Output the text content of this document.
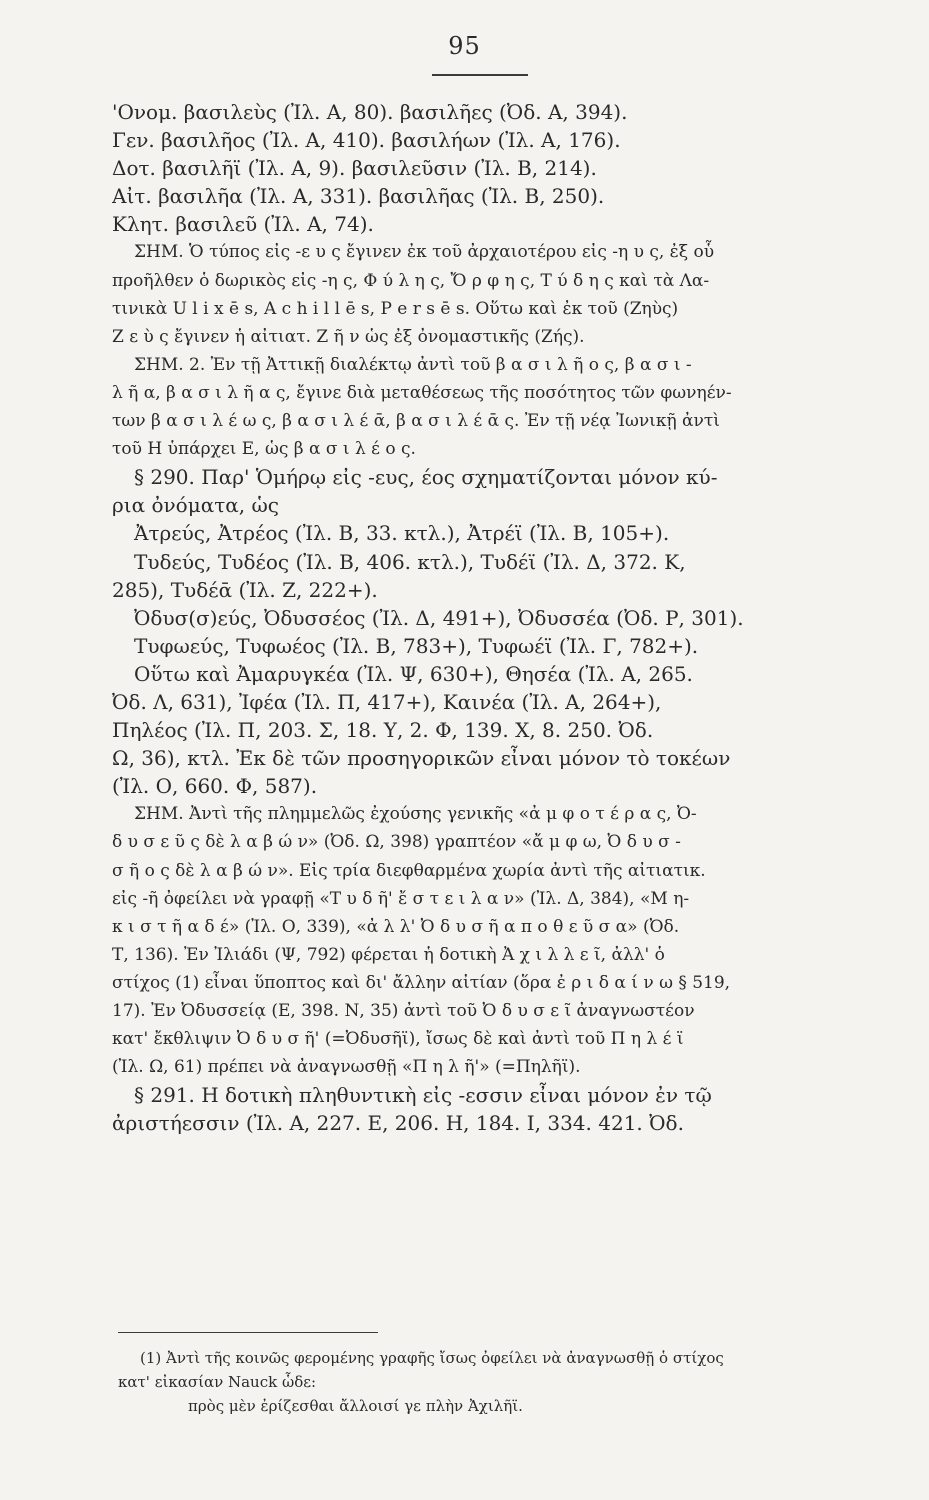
95
'Ονομ. βασιλεὺς (Ἰλ. Α, 80). βασιλῆες (Ὀδ. Α, 394).
Γεν. βασιλῆος (Ἰλ. Α, 410). βασιλήων (Ἰλ. Α, 176).
Δοτ. βασιλῆϊ (Ἰλ. Α, 9). βασιλεῦσιν (Ἰλ. Β, 214).
Αἰτ. βασιλῆα (Ἰλ. Α, 331). βασιλῆας (Ἰλ. Β, 250).
Κλητ. βασιλεῦ (Ἰλ. Α, 74).
ΣΗΜ. Ὁ τύπος εἰς -ε υ ς ἔγινεν ἐκ τοῦ ἀρχαιοτέρου εἰς -η υ ς, ἐξ οὗ
προῆλθεν ὁ δωρικὸς εἰς -η ς, Φ ύ λ η ς, Ὄ ρ φ η ς, Τ ύ δ η ς καὶ τὰ Λα-
τινικὰ U l i x ē s, A c h i l l ē s, P e r s ē s. Οὕτω καὶ ἐκ τοῦ (Ζηὺς)
Ζ ε ὺ ς ἔγινεν ἡ αἰτιατ. Ζ ῆ ν ὡς ἐξ ὀνομαστικῆς (Ζής).
ΣΗΜ. 2. Ἐν τῇ Ἀττικῇ διαλέκτῳ ἀντὶ τοῦ β α σ ι λ ῆ ο ς, β α σ ι -
λ ῆ α, β α σ ι λ ῆ α ς, ἔγινε διὰ μεταθέσεως τῆς ποσότητος τῶν φωνηέν-
των β α σ ι λ έ ω ς, β α σ ι λ έ ᾱ, β α σ ι λ έ ᾱ ς. Ἐν τῇ νέᾳ Ἰωνικῇ ἀντὶ
τοῦ Η ὑπάρχει Ε, ὡς β α σ ι λ έ ο ς.
§ 290. Παρ' Ὁμήρῳ εἰς -ευς, έος σχηματίζονται μόνον κύ-
ρια ὀνόματα, ὡς
Ἀτρεύς, Ἀτρέος (Ἰλ. Β, 33. κτλ.), Ἀτρέϊ (Ἰλ. Β, 105+).
Τυδεύς, Τυδέος (Ἰλ. Β, 406. κτλ.), Τυδέϊ (Ἰλ. Δ, 372. Κ,
285), Τυδέᾱ (Ἰλ. Ζ, 222+).
Ὀδυσ(σ)εύς, Ὀδυσσέος (Ἰλ. Δ, 491+), Ὀδυσσέα (Ὀδ. Ρ, 301).
Τυφωεύς, Τυφωέος (Ἰλ. Β, 783+), Τυφωέϊ (Ἰλ. Γ, 782+).
Οὕτω καὶ Ἀμαρυγκέα (Ἰλ. Ψ, 630+), Θησέα (Ἰλ. Α, 265.
Ὀδ. Λ, 631), Ἰφέα (Ἰλ. Π, 417+), Καινέα (Ἰλ. Α, 264+),
Πηλέος (Ἰλ. Π, 203. Σ, 18. Υ, 2. Φ, 139. Χ, 8. 250. Ὀδ.
Ω, 36), κτλ. Ἐκ δὲ τῶν προσηγορικῶν εἶναι μόνον τὸ τοκέων
(Ἰλ. Ο, 660. Φ, 587).
ΣΗΜ. Ἀντὶ τῆς πλημμελῶς ἐχούσης γενικῆς «ἀ μ φ ο τ έ ρ α ς, Ὀ-
δ υ σ ε ῦ ς δὲ λ α β ώ ν» (Ὀδ. Ω, 398) γραπτέον «ἄ μ φ ω, Ὀ δ υ σ -
σ ῆ ο ς δὲ λ α β ώ ν». Εἰς τρία διεφθαρμένα χωρία ἀντὶ τῆς αἰτιατικ.
εἰς -ῆ ὀφείλει νὰ γραφῇ «Τ υ δ ῆ' ἔ σ τ ε ι λ α ν» (Ἰλ. Δ, 384), «Μ η-
κ ι σ τ ῆ α δ έ» (Ἰλ. Ο, 339), «ἀ λ λ' Ὀ δ υ σ ῆ α π ο θ ε ῦ σ α» (Ὀδ.
Τ, 136). Ἐν Ἰλιάδι (Ψ, 792) φέρεται ἡ δοτικὴ Ἀ χ ι λ λ ε ῖ, ἀλλ' ὁ
στίχος (1) εἶναι ὕποπτος καὶ δι' ἄλλην αἰτίαν (ὅρα ἐ ρ ι δ α ί ν ω § 519,
17). Ἐν Ὀδυσσείᾳ (Ε, 398. Ν, 35) ἀντὶ τοῦ Ὀ δ υ σ ε ῖ ἀναγνωστέον
κατ' ἔκθλιψιν Ὀ δ υ σ ῆ' (=Ὀδυσῆϊ), ἴσως δὲ καὶ ἀντὶ τοῦ Π η λ έ ϊ
(Ἰλ. Ω, 61) πρέπει νὰ ἀναγνωσθῇ «Π η λ ῆ'» (=Πηλῆϊ).
§ 291. Η δοτικὴ πληθυντικὴ εἰς -εσσιν εἶναι μόνον ἐν τῷ
ἀριστήεσσιν (Ἰλ. Α, 227. Ε, 206. Η, 184. Ι, 334. 421. Ὀδ.
(1) Ἀντὶ τῆς κοινῶς φερομένης γραφῆς ἴσως ὀφείλει νὰ ἀναγνωσθῇ ὁ στίχος
κατ' εἰκασίαν Nauck ὧδε:
πρὸς μὲν ἐρίζεσθαι ἄλλοισί γε πλὴν Ἀχιλῆϊ.
